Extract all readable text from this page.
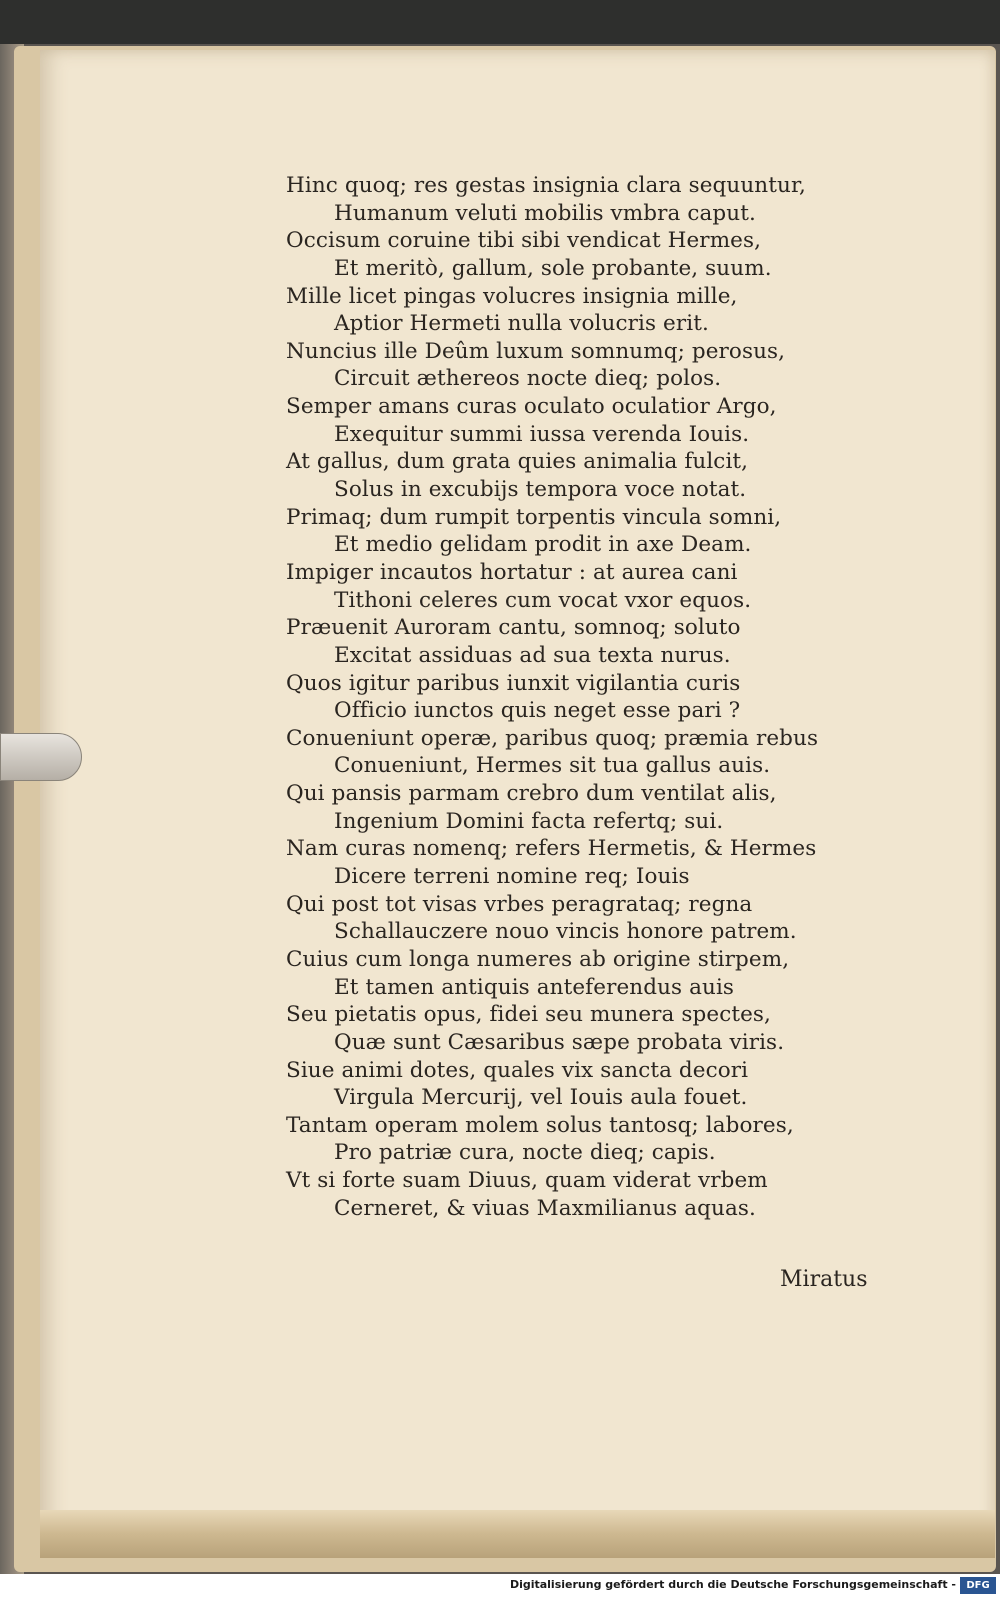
Hinc quoq; res gestas insignia clara sequuntur,
Humanum veluti mobilis vmbra caput.
Occisum coruine tibi sibi vendicat Hermes,
Et meritò, gallum, sole probante, suum.
Mille licet pingas volucres insignia mille,
Aptior Hermeti nulla volucris erit.
Nuncius ille Deûm luxum somnumq; perosus,
Circuit æthereos nocte dieq; polos.
Semper amans curas oculato oculatior Argo,
Exequitur summi iussa verenda Iouis.
At gallus, dum grata quies animalia fulcit,
Solus in excubijs tempora voce notat.
Primaq; dum rumpit torpentis vincula somni,
Et medio gelidam prodit in axe Deam.
Impiger incautos hortatur : at aurea cani
Tithoni celeres cum vocat vxor equos.
Præuenit Auroram cantu, somnoq; soluto
Excitat assiduas ad sua texta nurus.
Quos igitur paribus iunxit vigilantia curis
Officio iunctos quis neget esse pari ?
Conueniunt operæ, paribus quoq; præmia rebus
Conueniunt, Hermes sit tua gallus auis.
Qui pansis parmam crebro dum ventilat alis,
Ingenium Domini facta refertq; sui.
Nam curas nomenq; refers Hermetis, & Hermes
Dicere terreni nomine req; Iouis
Qui post tot visas vrbes peragrataq; regna
Schallauczere nouo vincis honore patrem.
Cuius cum longa numeres ab origine stirpem,
Et tamen antiquis anteferendus auis
Seu pietatis opus, fidei seu munera spectes,
Quæ sunt Cæsaribus sæpe probata viris.
Siue animi dotes, quales vix sancta decori
Virgula Mercurij, vel Iouis aula fouet.
Tantam operam molem solus tantosq; labores,
Pro patriæ cura, nocte dieq; capis.
Vt si forte suam Diuus, quam viderat vrbem
Cerneret, & viuas Maxmilianus aquas.
Miratus
Digitalisierung gefördert durch die Deutsche Forschungsgemeinschaft -	DFG
